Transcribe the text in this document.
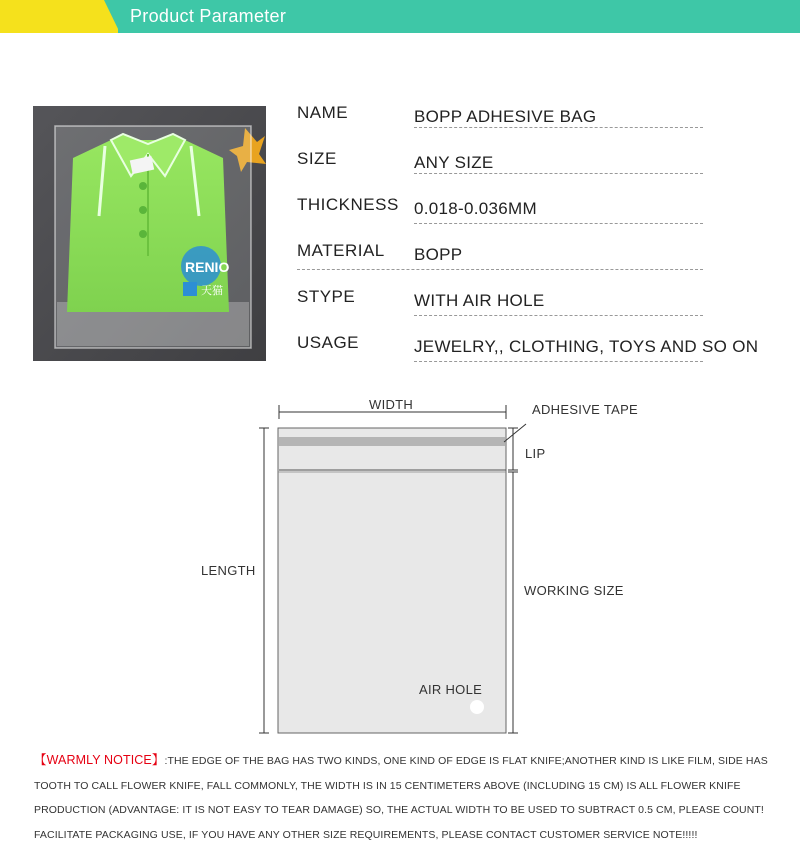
Product Parameter
RENIO
天猫
NAME	BOPP ADHESIVE BAG
SIZE	ANY SIZE
THICKNESS 0.018-0.036MM
MATERIAL BOPP
STYPE	WITH AIR HOLE
USAGE	JEWELRY,, CLOTHING, TOYS AND SO ON
WIDTH	ADHESIVE TAPE
LIP
LENGTH
WORKING SIZE
AIR HOLE
【WARMLY NOTICE】:THE EDGE OF THE BAG HAS TWO KINDS, ONE KIND OF EDGE IS FLAT KNIFE;ANOTHER KIND IS LIKE FILM, SIDE HAS
TOOTH TO CALL FLOWER KNIFE, FALL COMMONLY, THE WIDTH IS IN 15 CENTIMETERS ABOVE (INCLUDING 15 CM) IS ALL FLOWER KNIFE
PRODUCTION (ADVANTAGE: IT IS NOT EASY TO TEAR DAMAGE) SO, THE ACTUAL WIDTH TO BE USED TO SUBTRACT 0.5 CM, PLEASE COUNT!
FACILITATE PACKAGING USE, IF YOU HAVE ANY OTHER SIZE REQUIREMENTS, PLEASE CONTACT CUSTOMER SERVICE NOTE!!!!!
